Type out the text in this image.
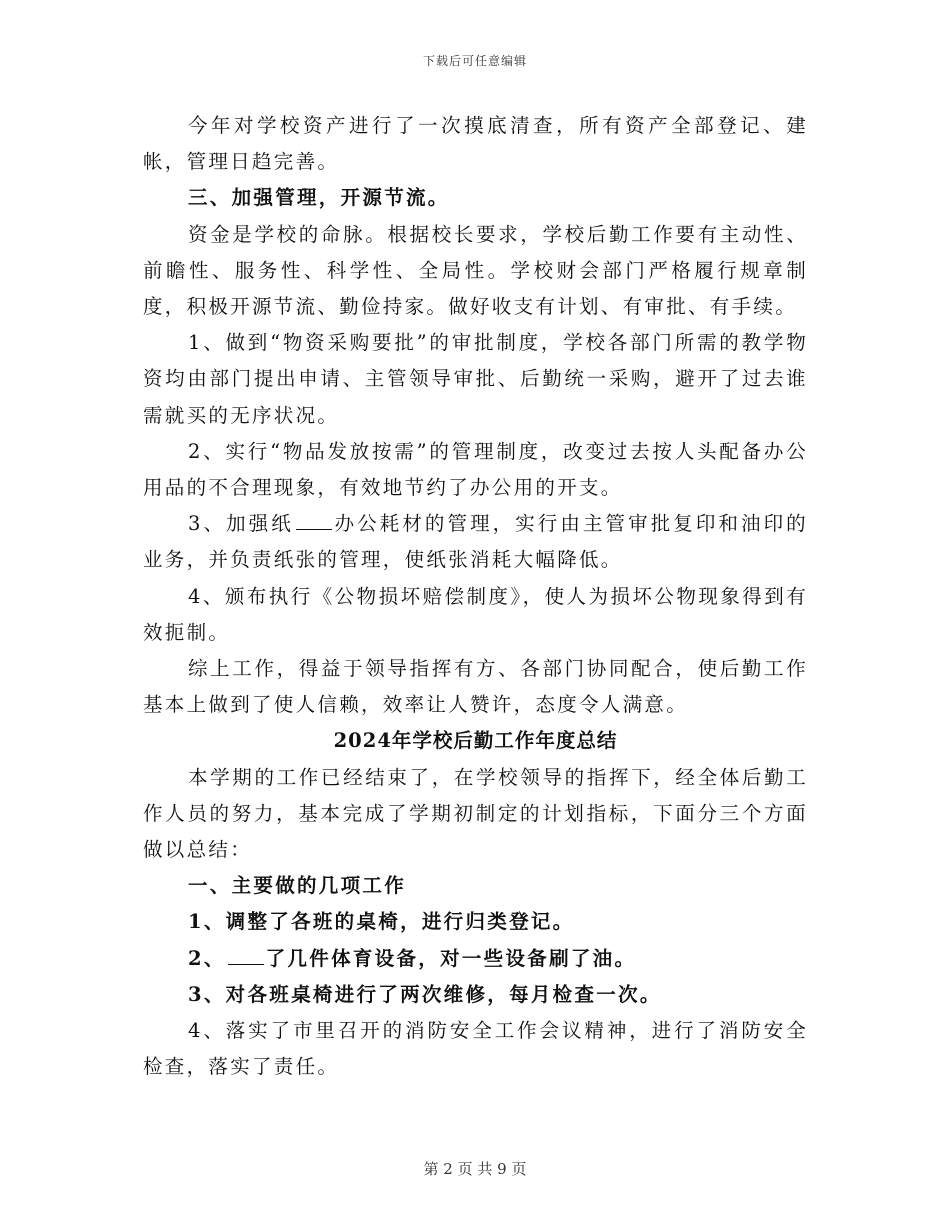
下载后可任意编辑

今年对学校资产进行了一次摸底清查，所有资产全部登记、建帐，管理日趋完善。

三、加强管理，开源节流。

资金是学校的命脉。根据校长要求，学校后勤工作要有主动性、前瞻性、服务性、科学性、全局性。学校财会部门严格履行规章制度，积极开源节流、勤俭持家。做好收支有计划、有审批、有手续。

1、做到“物资采购要批”的审批制度，学校各部门所需的教学物资均由部门提出申请、主管领导审批、后勤统一采购，避开了过去谁需就买的无序状况。

2、实行“物品发放按需”的管理制度，改变过去按人头配备办公用品的不合理现象，有效地节约了办公用的开支。

3、加强纸 办公耗材的管理，实行由主管审批复印和油印的业务，并负责纸张的管理，使纸张消耗大幅降低。

4、颁布执行《公物损坏赔偿制度》，使人为损坏公物现象得到有效扼制。

综上工作，得益于领导指挥有方、各部门协同配合，使后勤工作基本上做到了使人信赖，效率让人赞许，态度令人满意。

2024年学校后勤工作年度总结

本学期的工作已经结束了，在学校领导的指挥下，经全体后勤工作人员的努力，基本完成了学期初制定的计划指标，下面分三个方面做以总结：

一、主要做的几项工作

1、调整了各班的桌椅，进行归类登记。

2、 了几件体育设备，对一些设备刷了油。

3、对各班桌椅进行了两次维修，每月检查一次。

4、落实了市里召开的消防安全工作会议精神，进行了消防安全检查，落实了责任。

第 2 页 共 9 页
